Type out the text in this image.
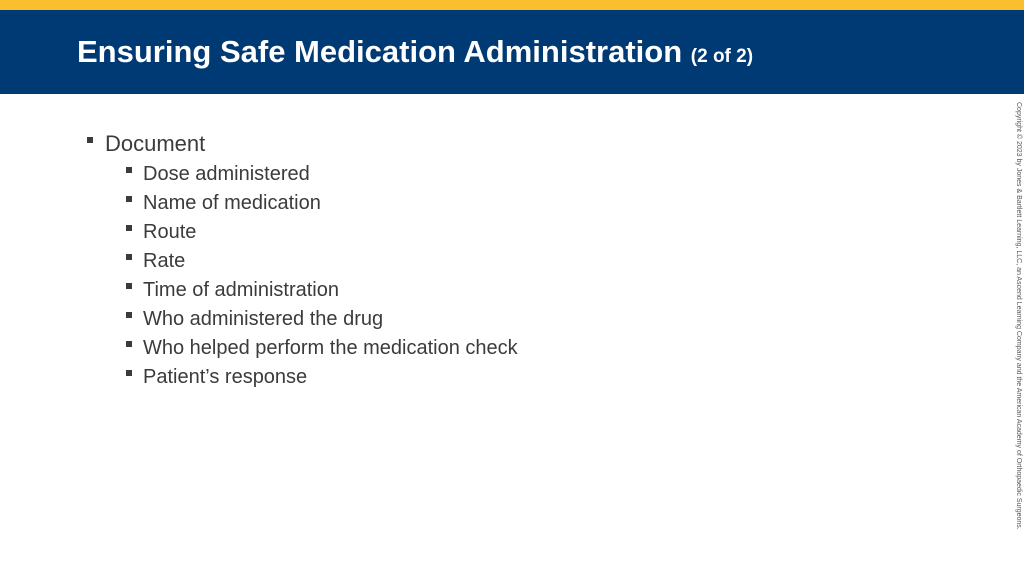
Ensuring Safe Medication Administration (2 of 2)
Document
Dose administered
Name of medication
Route
Rate
Time of administration
Who administered the drug
Who helped perform the medication check
Patient’s response	Copyright © 2023 by Jones & Bartlett Learning, LLC, an Ascend Learning Company and the American Academy of Orthopaedic Surgeons.
